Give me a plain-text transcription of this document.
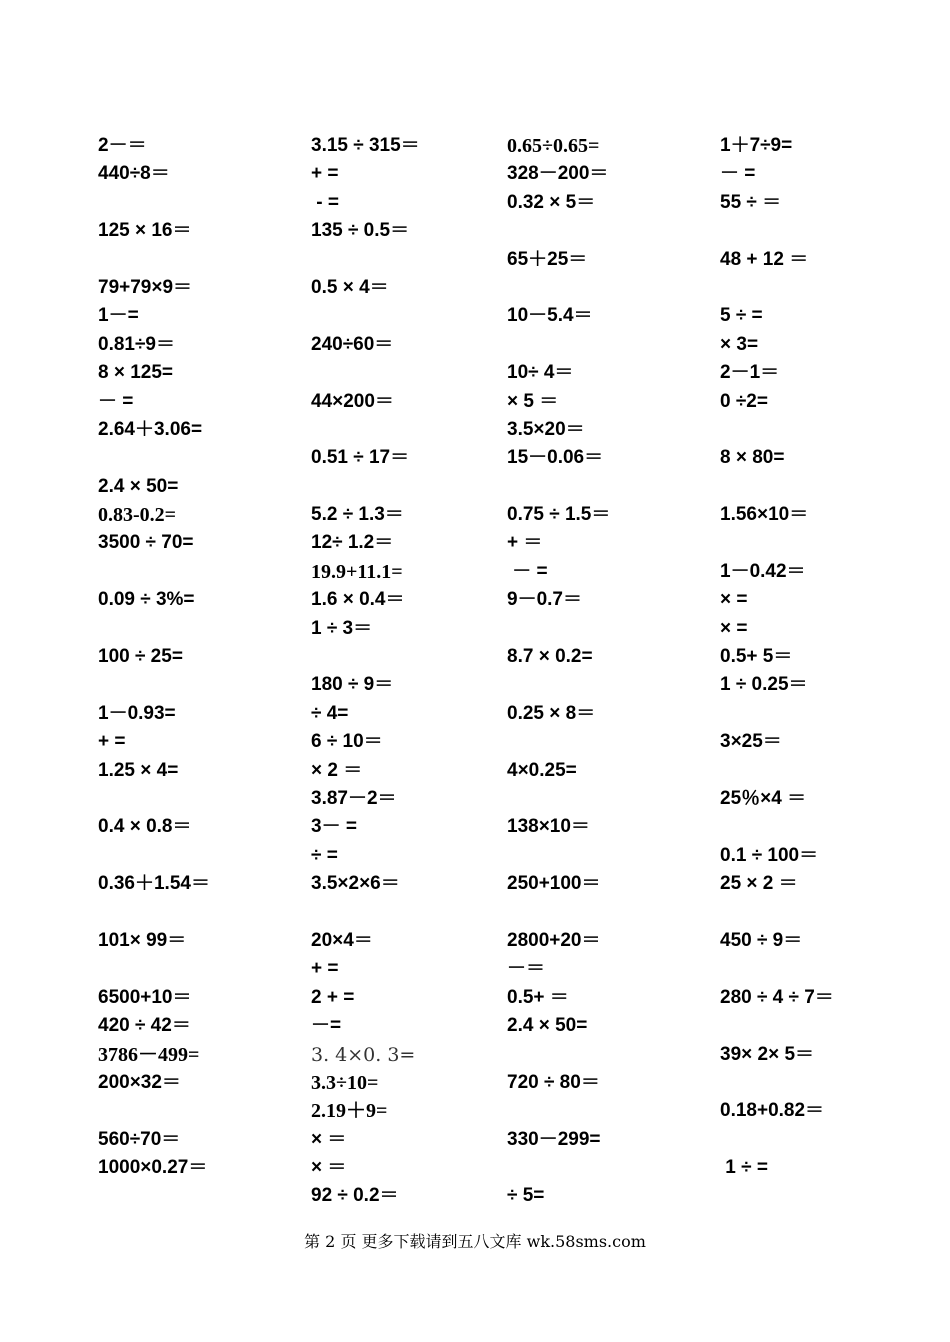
2－＝
440÷8＝
125 × 16＝
79+79×9＝
1－=
0.81÷9＝
8 × 125=
－ =
2.64＋3.06=
2.4 × 50=
0.83-0.2=
3500 ÷ 70=
0.09 ÷ 3%=
100 ÷ 25=
1－0.93=
+ =
1.25 × 4=
0.4 × 0.8＝
0.36＋1.54＝
101× 99＝
6500+10＝
420 ÷ 42＝
3786－499=
200×32＝
560÷70＝
1000×0.27＝
3.15 ÷ 315＝
+ =
- =
135 ÷ 0.5＝
0.5 × 4＝
240÷60＝
44×200＝
0.51 ÷ 17＝
5.2 ÷ 1.3＝
12÷ 1.2＝
19.9+11.1=
1.6 × 0.4＝
1 ÷ 3＝
180 ÷ 9＝
÷ 4=
6 ÷ 10＝
× 2 ＝
3.87－2＝
3－ =
÷ =
3.5×2×6＝
20×4＝
+ =
2 + =
－=
3. 4×0. 3=
3.3÷10=
2.19＋9=
× ＝
× ＝
92 ÷ 0.2＝
0.65÷0.65=
328－200＝
0.32 × 5＝
65＋25＝
10－5.4＝
10÷ 4＝
× 5 ＝
3.5×20＝
15－0.06＝
0.75 ÷ 1.5＝
+ ＝
－ =
9－0.7＝
8.7 × 0.2=
0.25 × 8＝
4×0.25=
138×10＝
250+100＝
2800+20＝
－＝
0.5+ ＝
2.4 × 50=
720 ÷ 80＝
330－299=
÷ 5=
1＋7÷9=
－ =
55 ÷ ＝
48 + 12 ＝
5 ÷ =
× 3=
2－1＝
0 ÷2=
8 × 80=
1.56×10＝
1－0.42＝
× =
× =
0.5+ 5＝
1 ÷ 0.25＝
3×25＝
25％×4 ＝
0.1 ÷ 100＝
25 × 2 ＝
450 ÷ 9＝
280 ÷ 4 ÷ 7＝
39× 2× 5＝
0.18+0.82＝
1 ÷ =
第 2 页 更多下载请到五八文库 wk.58sms.com
